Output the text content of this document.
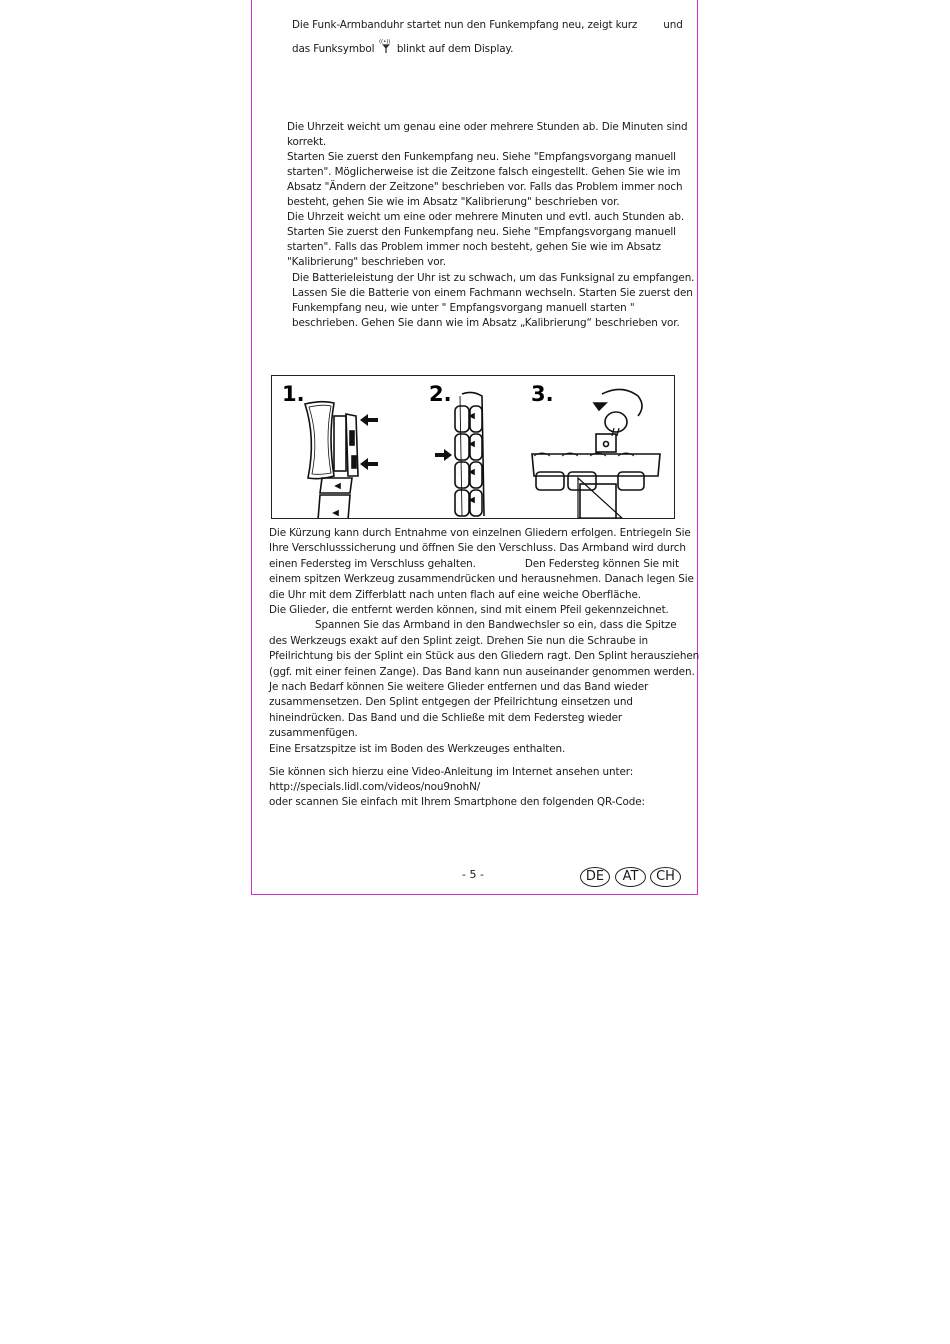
Die Funk-Armbanduhr startet nun den Funkempfang neu, zeigt kurz	und

das Funksymbol
((•))
blinkt auf dem Display.

Die Uhrzeit weicht um genau eine oder mehrere Stunden ab. Die Minuten sind

korrekt.

Starten Sie zuerst den Funkempfang neu. Siehe "Empfangsvorgang manuell

starten". Möglicherweise ist die Zeitzone falsch eingestellt. Gehen Sie wie im

Absatz "Ändern der Zeitzone" beschrieben vor. Falls das Problem immer noch

besteht, gehen Sie wie im Absatz "Kalibrierung" beschrieben vor.

Die Uhrzeit weicht um eine oder mehrere Minuten und evtl. auch Stunden ab.

Starten Sie zuerst den Funkempfang neu. Siehe "Empfangsvorgang manuell

starten". Falls das Problem immer noch besteht, gehen Sie wie im Absatz

"Kalibrierung" beschrieben vor.

Die Batterieleistung der Uhr ist zu schwach, um das Funksignal zu empfangen.

Lassen Sie die Batterie von einem Fachmann wechseln. Starten Sie zuerst den

Funkempfang neu, wie unter " Empfangsvorgang manuell starten "

beschrieben. Gehen Sie dann wie im Absatz „Kalibrierung“ beschrieben vor.

1.	2.	3.

Die Kürzung kann durch Entnahme von einzelnen Gliedern erfolgen. Entriegeln Sie

Ihre Verschlusssicherung und öffnen Sie den Verschluss. Das Armband wird durch

einen Federsteg im Verschluss gehalten.	Den Federsteg können Sie mit

einem spitzen Werkzeug zusammendrücken und herausnehmen. Danach legen Sie

die Uhr mit dem Zifferblatt nach unten flach auf eine weiche Oberfläche.

Die Glieder, die entfernt werden können, sind mit einem Pfeil gekennzeichnet.

Spannen Sie das Armband in den Bandwechsler so ein, dass die Spitze

des Werkzeugs exakt auf den Splint zeigt. Drehen Sie nun die Schraube in

Pfeilrichtung bis der Splint ein Stück aus den Gliedern ragt. Den Splint herausziehen

(ggf. mit einer feinen Zange). Das Band kann nun auseinander genommen werden.

Je nach Bedarf können Sie weitere Glieder entfernen und das Band wieder

zusammensetzen. Den Splint entgegen der Pfeilrichtung einsetzen und

hineindrücken. Das Band und die Schließe mit dem Federsteg wieder

zusammenfügen.

Eine Ersatzspitze ist im Boden des Werkzeuges enthalten.

Sie können sich hierzu eine Video-Anleitung im Internet ansehen unter:

http://specials.lidl.com/videos/nou9nohN/

oder scannen Sie einfach mit Ihrem Smartphone den folgenden QR-Code:

- 5 -	DE	AT	CH
